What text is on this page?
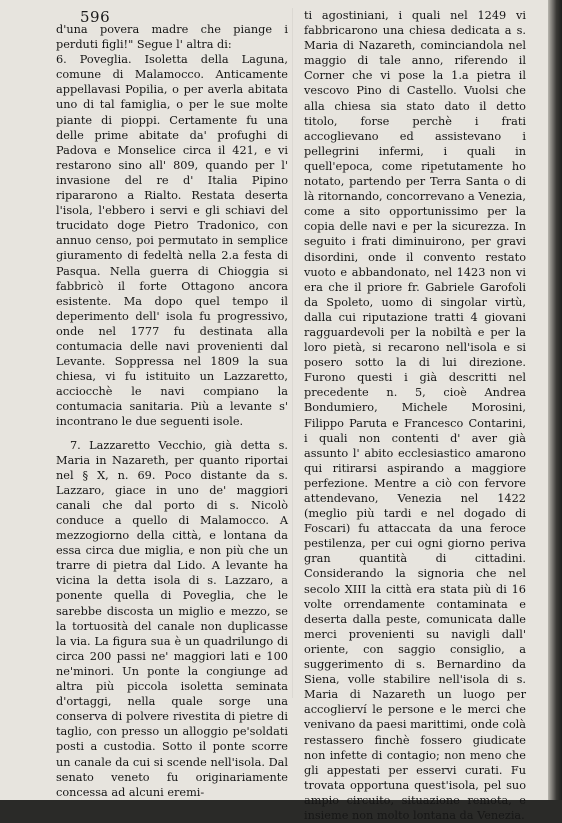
596

d'una povera madre che piange i perduti figli!" Segue l' altra di:

6. Poveglia. Isoletta della Laguna, comune di Malamocco. Anticamente appellavasi Popilia, o per averla abitata uno di tal famiglia, o per le sue molte piante di pioppi. Certamente fu una delle prime abitate da' profughi di Padova e Monselice circa il 421, e vi restarono sino all' 809, quando per l' invasione del re d' Italia Pipino ripararono a Rialto. Restata deserta l'isola, l'ebbero i servi e gli schiavi del trucidato doge Pietro Tradonico, con annuo censo, poi permutato in semplice giuramento di fedeltà nella 2.a festa di Pasqua. Nella guerra di Chioggia si fabbricò il forte Ottagono ancora esistente. Ma dopo quel tempo il deperimento dell' isola fu progressivo, onde nel 1777 fu destinata alla contumacia delle navi provenienti dal Levante. Soppressa nel 1809 la sua chiesa, vi fu istituito un Lazzaretto, acciocchè le navi compiano la contumacia sanitaria. Più a levante s' incontrano le due seguenti isole.

7. Lazzaretto Vecchio, già detta s. Maria in Nazareth, per quanto riportai nel § X, n. 69. Poco distante da s. Lazzaro, giace in uno de' maggiori canali che dal porto di s. Nicolò conduce a quello di Malamocco. A mezzogiorno della città, e lontana da essa circa due miglia, e non più che un trarre di pietra dal Lido. A levante ha vicina la detta isola di s. Lazzaro, a ponente quella di Poveglia, che le sarebbe discosta un miglio e mezzo, se la tortuosità del canale non duplicasse la via. La figura sua è un quadrilungo di circa 200 passi ne' maggiori lati e 100 ne'minori. Un ponte la congiunge ad altra più piccola isoletta seminata d'ortaggi, nella quale sorge una conserva di polvere rivestita di pietre di taglio, con presso un alloggio pe'soldati posti a custodia. Sotto il ponte scorre un canale da cui si scende nell'isola. Dal senato veneto fu originariamente concessa ad alcuni eremi-

ti agostiniani, i quali nel 1249 vi fabbricarono una chiesa dedicata a s. Maria di Nazareth, cominciandola nel maggio di tale anno, riferendo il Corner che vi pose la 1.a pietra il vescovo Pino di Castello. Vuolsi che alla chiesa sia stato dato il detto titolo, forse perchè i frati accoglievano ed assistevano i pellegrini infermi, i quali in quell'epoca, come ripetutamente ho notato, partendo per Terra Santa o di là ritornando, concorrevano a Venezia, come a sito opportunissimo per la copia delle navi e per la sicurezza. In seguito i frati diminuirono, per gravi disordini, onde il convento restato vuoto e abbandonato, nel 1423 non vi era che il priore fr. Gabriele Garofoli da Spoleto, uomo di singolar virtù, dalla cui riputazione tratti 4 giovani ragguardevoli per la nobiltà e per la loro pietà, si recarono nell'isola e si posero sotto la di lui direzione. Furono questi i già descritti nel precedente n. 5, cioè Andrea Bondumiero, Michele Morosini, Filippo Paruta e Francesco Contarini, i quali non contenti d' aver già assunto l' abito ecclesiastico amarono qui ritirarsi aspirando a maggiore perfezione. Mentre a ciò con fervore attendevano, Venezia nel 1422 (meglio più tardi e nel dogado di Foscari) fu attaccata da una feroce pestilenza, per cui ogni giorno periva gran quantità di cittadini. Considerando la signoria che nel secolo XIII la città era stata più di 16 volte orrendamente contaminata e deserta dalla peste, comunicata dalle merci provenienti su navigli dall' oriente, con saggio consiglio, a suggerimento di s. Bernardino da Siena, volle stabilire nell'isola di s. Maria di Nazareth un luogo per accoglierví le persone e le merci che venivano da paesi marittimi, onde colà restassero finchè fossero giudicate non infette di contagio; non meno che gli appestati per esservi curati. Fu trovata opportuna quest'isola, pel suo ampio circuito, situazione remota, e insieme non molto lontana da Venezia.
